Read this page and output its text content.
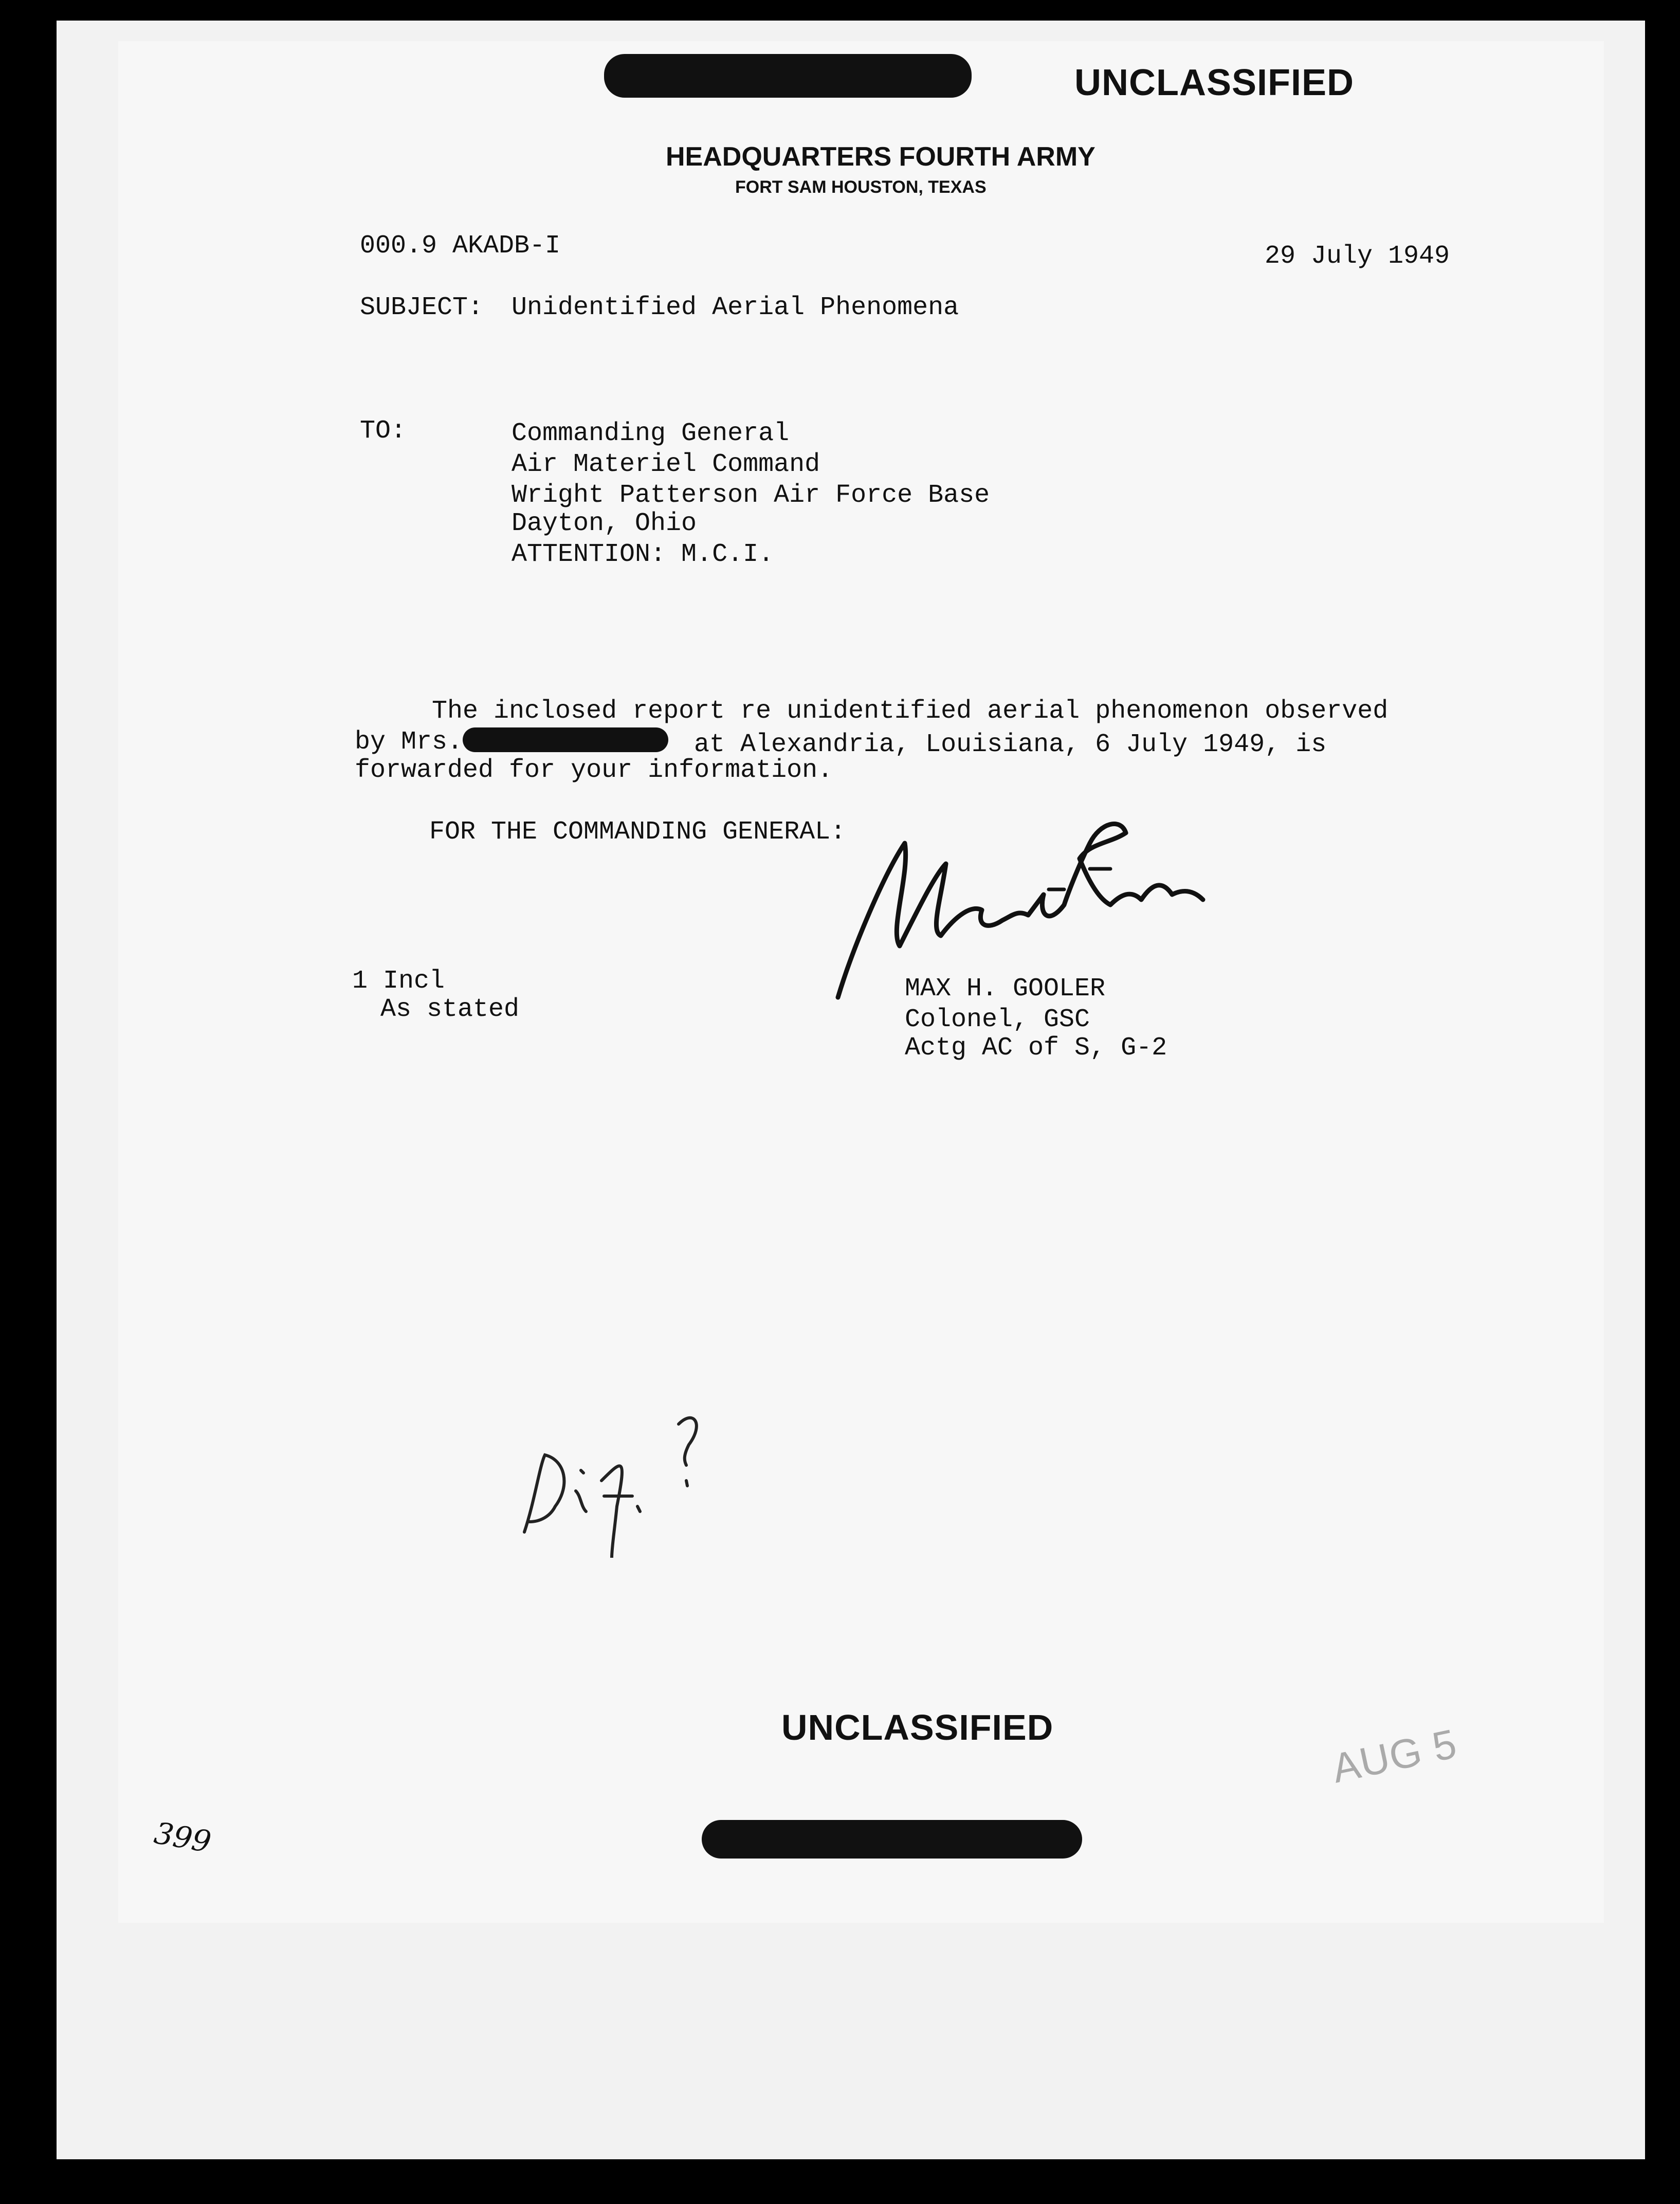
UNCLASSIFIED
HEADQUARTERS FOURTH ARMY
FORT SAM HOUSTON, TEXAS
000.9 AKADB-I	29 July 1949
SUBJECT: Unidentified Aerial Phenomena
TO:	Commanding General
Air Materiel Command
Wright Patterson Air Force Base
Dayton, Ohio
ATTENTION: M.C.I.
The inclosed report re unidentified aerial phenomenon observed
by Mrs.	at Alexandria, Louisiana, 6 July 1949, is
forwarded for your information.
FOR THE COMMANDING GENERAL:
1 Incl
As stated
MAX H. GOOLER
Colonel, GSC
Actg AC of S, G-2
UNCLASSIFIED	AUG 5
399
